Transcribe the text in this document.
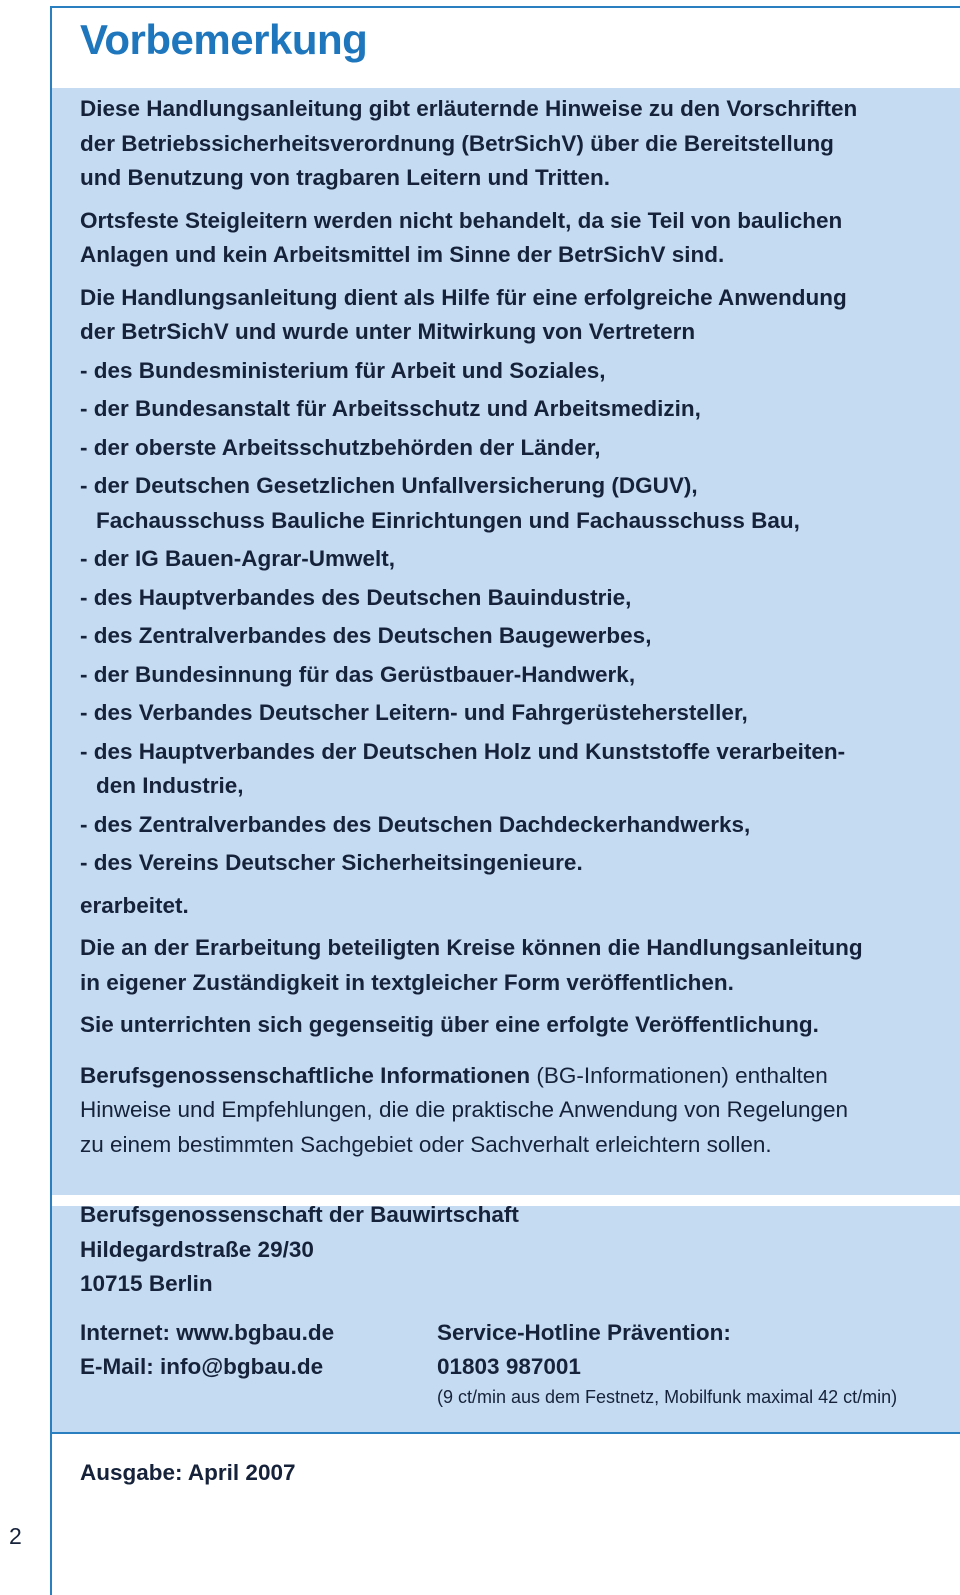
Vorbemerkung

Diese Handlungsanleitung gibt erläuternde Hinweise zu den Vorschriften

der Betriebssicherheitsverordnung (BetrSichV) über die Bereitstellung

und Benutzung von tragbaren Leitern und Tritten.

Ortsfeste Steigleitern werden nicht behandelt, da sie Teil von baulichen

Anlagen und kein Arbeitsmittel im Sinne der BetrSichV sind.

Die Handlungsanleitung dient als Hilfe für eine erfolgreiche Anwendung

der BetrSichV und wurde unter Mitwirkung von Vertretern

- des Bundesministerium für Arbeit und Soziales,

- der Bundesanstalt für Arbeitsschutz und Arbeitsmedizin,

- der oberste Arbeitsschutzbehörden der Länder,

- der Deutschen Gesetzlichen Unfallversicherung (DGUV),

Fachausschuss Bauliche Einrichtungen und Fachausschuss Bau,

- der IG Bauen-Agrar-Umwelt,

- des Hauptverbandes des Deutschen Bauindustrie,

- des Zentralverbandes des Deutschen Baugewerbes,

- der Bundesinnung für das Gerüstbauer-Handwerk,

- des Verbandes Deutscher Leitern- und Fahrgerüstehersteller,

- des Hauptverbandes der Deutschen Holz und Kunststoffe verarbeiten-

den Industrie,

- des Zentralverbandes des Deutschen Dachdeckerhandwerks,

- des Vereins Deutscher Sicherheitsingenieure.

erarbeitet.

Die an der Erarbeitung beteiligten Kreise können die Handlungsanleitung

in eigener Zuständigkeit in textgleicher Form veröffentlichen.

Sie unterrichten sich gegenseitig über eine erfolgte Veröffentlichung.

Berufsgenossenschaftliche Informationen (BG-Informationen) enthalten

Hinweise und Empfehlungen, die die praktische Anwendung von Regelungen

zu einem bestimmten Sachgebiet oder Sachverhalt erleichtern sollen.

Berufsgenossenschaft der Bauwirtschaft

Hildegardstraße 29/30

10715 Berlin

Internet: www.bgbau.de

E-Mail: info@bgbau.de

Service-Hotline Prävention:

01803 987001

(9 ct/min aus dem Festnetz, Mobilfunk maximal 42 ct/min)

Ausgabe: April 2007
2
